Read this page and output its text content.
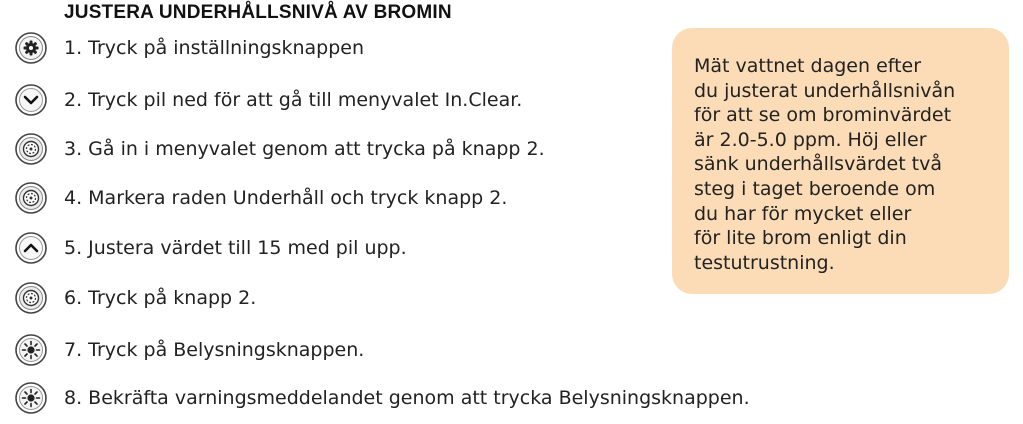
JUSTERA UNDERHÅLLSNIVÅ AV BROMIN
1. Tryck på inställningsknappen
2. Tryck pil ned för att gå till menyvalet In.Clear.
3. Gå in i menyvalet genom att trycka på knapp 2.
4. Markera raden Underhåll och tryck knapp 2.
5. Justera värdet till 15 med pil upp.
6. Tryck på knapp 2.
7. Tryck på Belysningsknappen.
8. Bekräfta varningsmeddelandet genom att trycka Belysningsknappen.
Mät vattnet dagen efter
du justerat underhållsnivån
för att se om brominvärdet
är 2.0-5.0 ppm. Höj eller
sänk underhållsvärdet två
steg i taget beroende om
du har för mycket eller
för lite brom enligt din
testutrustning.
